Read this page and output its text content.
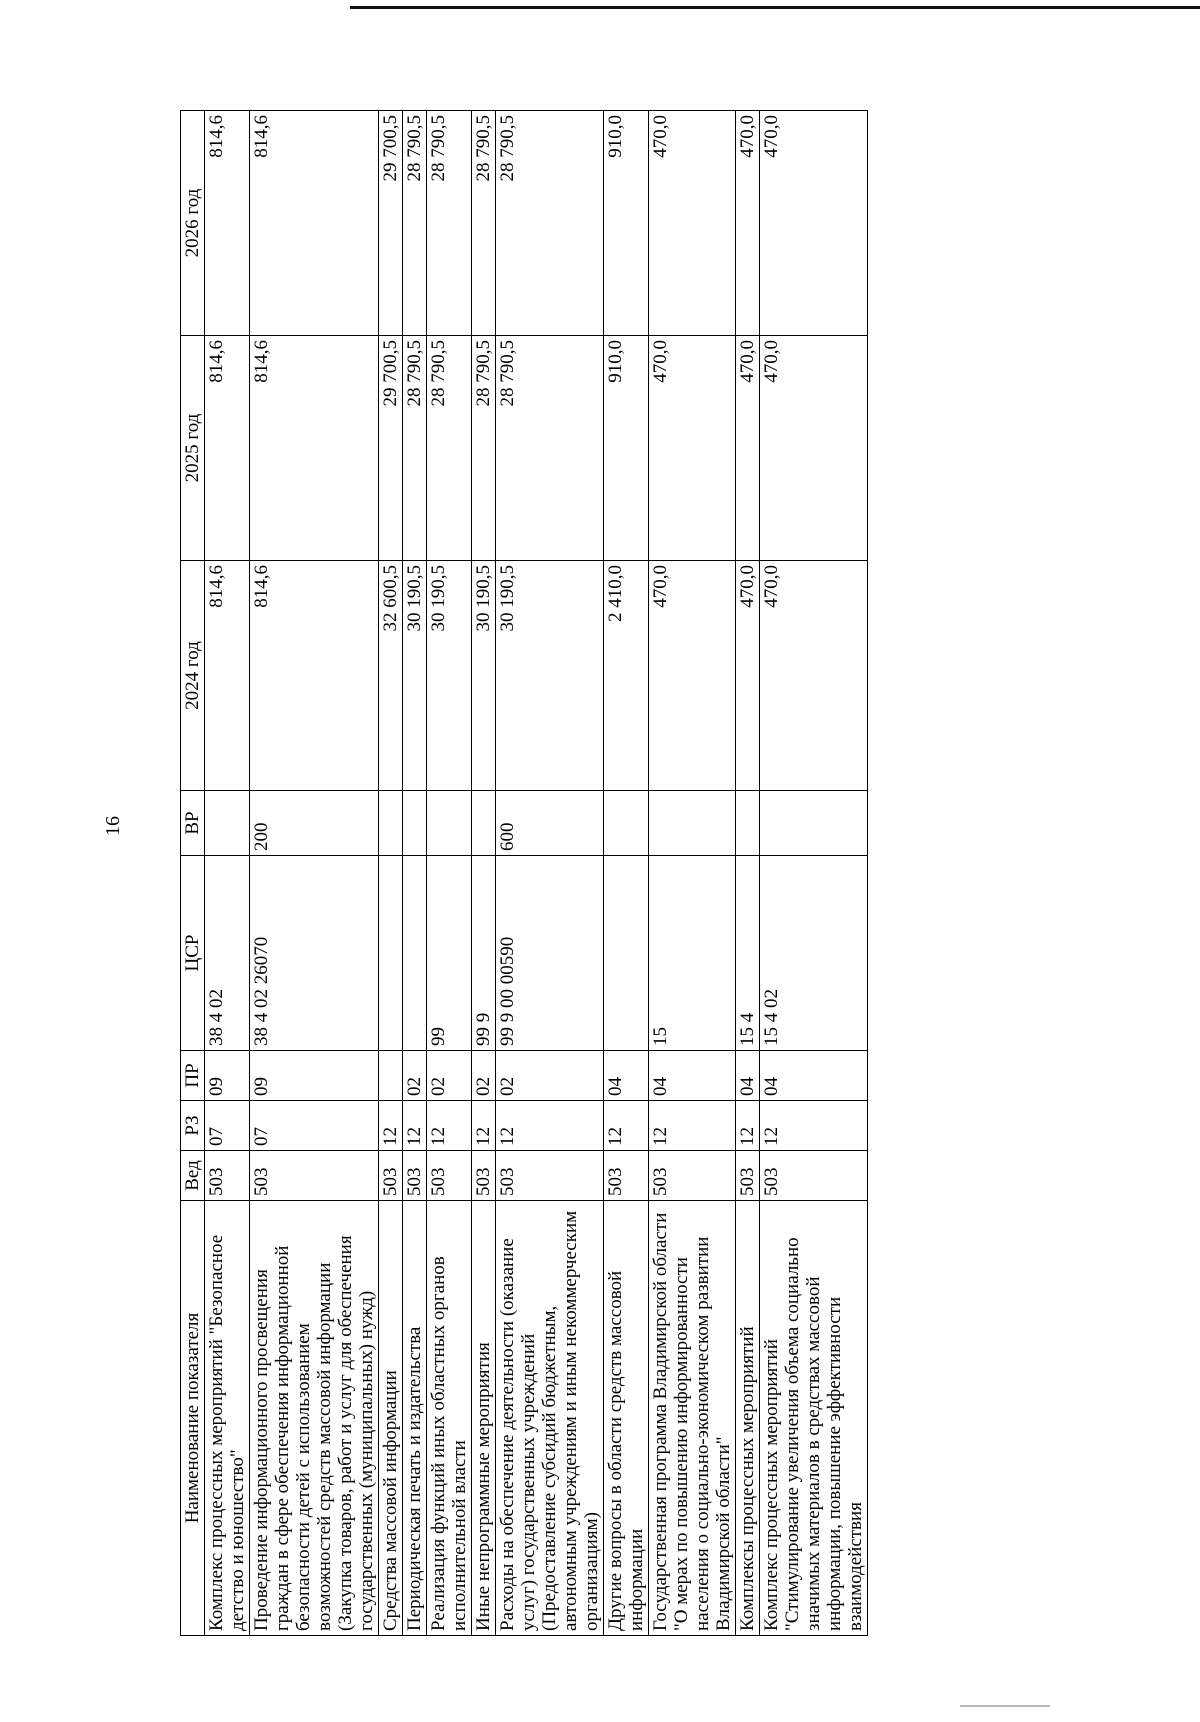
16
Наименование показателя	Вед	РЗ	ПР	ЦСР	ВР	2024 год	2025 год	2026 год
Комплекс процессных мероприятий "Безопасное детство и юношество"	503	07	09	38 4 02		814,6	814,6	814,6
Проведение информационного просвещения граждан в сфере обеспечения информационной безопасности детей с использованием возможностей средств массовой информации (Закупка товаров, работ и услуг для обеспечения государственных (муниципальных) нужд)	503	07	09	38 4 02 26070	200	814,6	814,6	814,6
Средства массовой информации	503	12				32 600,5	29 700,5	29 700,5
Периодическая печать и издательства	503	12	02			30 190,5	28 790,5	28 790,5
Реализация функций иных областных органов исполнительной власти	503	12	02	99		30 190,5	28 790,5	28 790,5
Иные непрограммные мероприятия	503	12	02	99 9		30 190,5	28 790,5	28 790,5
Расходы на обеспечение деятельности (оказание услуг) государственных учреждений (Предоставление субсидий бюджетным, автономным учреждениям и иным некоммерческим организациям)	503	12	02	99 9 00 00590	600	30 190,5	28 790,5	28 790,5
Другие вопросы в области средств массовой информации	503	12	04			2 410,0	910,0	910,0
Государственная программа Владимирской области "О мерах по повышению информированности населения о социально-экономическом развитии Владимирской области"	503	12	04	15		470,0	470,0	470,0
Комплексы процессных мероприятий	503	12	04	15 4		470,0	470,0	470,0
Комплекс процессных мероприятий "Стимулирование увеличения объема социально значимых материалов в средствах массовой информации, повышение эффективности взаимодействия	503	12	04	15 4 02		470,0	470,0	470,0
